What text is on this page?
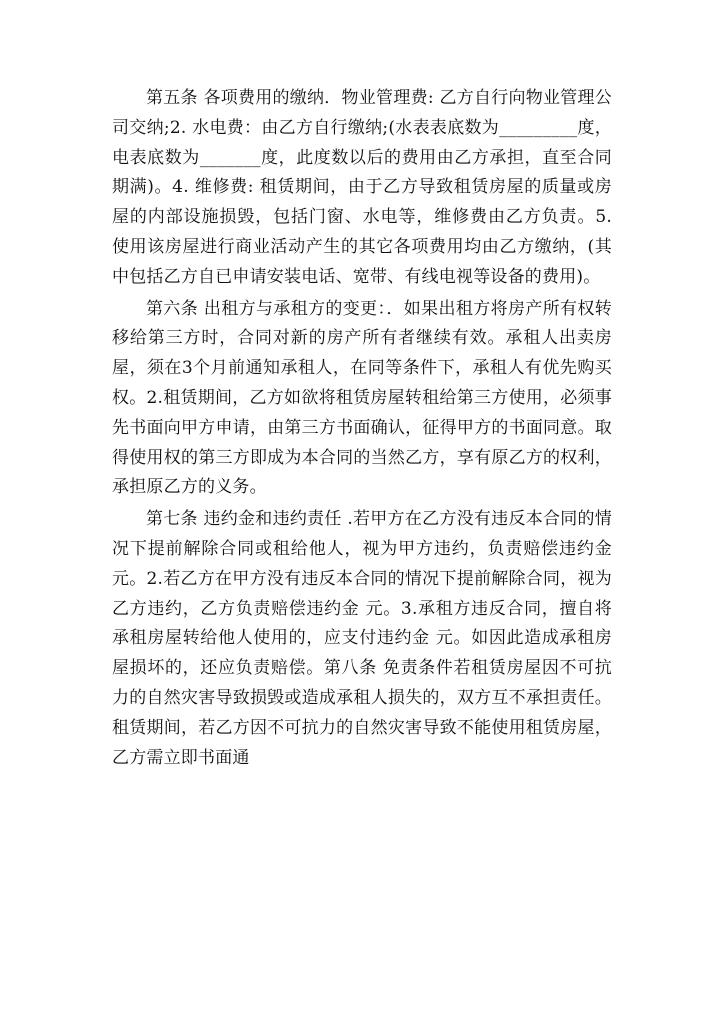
第五条 各项费用的缴纳．物业管理费: 乙方自行向物业管理公司交纳;2. 水电费：由乙方自行缴纳;(水表表底数为_________度，电表底数为_______度，此度数以后的费用由乙方承担，直至合同期满)。4. 维修费: 租赁期间，由于乙方导致租赁房屋的质量或房屋的内部设施损毁，包括门窗、水电等，维修费由乙方负责。5. 使用该房屋进行商业活动产生的其它各项费用均由乙方缴纳，(其中包括乙方自已申请安装电话、宽带、有线电视等设备的费用)。

第六条 出租方与承租方的变更：．如果出租方将房产所有权转移给第三方时，合同对新的房产所有者继续有效。承租人出卖房屋，须在3个月前通知承租人，在同等条件下，承租人有优先购买权。2.租赁期间，乙方如欲将租赁房屋转租给第三方使用，必须事先书面向甲方申请，由第三方书面确认，征得甲方的书面同意。取得使用权的第三方即成为本合同的当然乙方，享有原乙方的权利，承担原乙方的义务。

第七条 违约金和违约责任 .若甲方在乙方没有违反本合同的情况下提前解除合同或租给他人，视为甲方违约，负责赔偿违约金 元。2.若乙方在甲方没有违反本合同的情况下提前解除合同，视为乙方违约，乙方负责赔偿违约金 元。3.承租方违反合同，擅自将承租房屋转给他人使用的，应支付违约金 元。如因此造成承租房屋损坏的，还应负责赔偿。第八条 免责条件若租赁房屋因不可抗力的自然灾害导致损毁或造成承租人损失的，双方互不承担责任。租赁期间，若乙方因不可抗力的自然灾害导致不能使用租赁房屋，乙方需立即书面通
